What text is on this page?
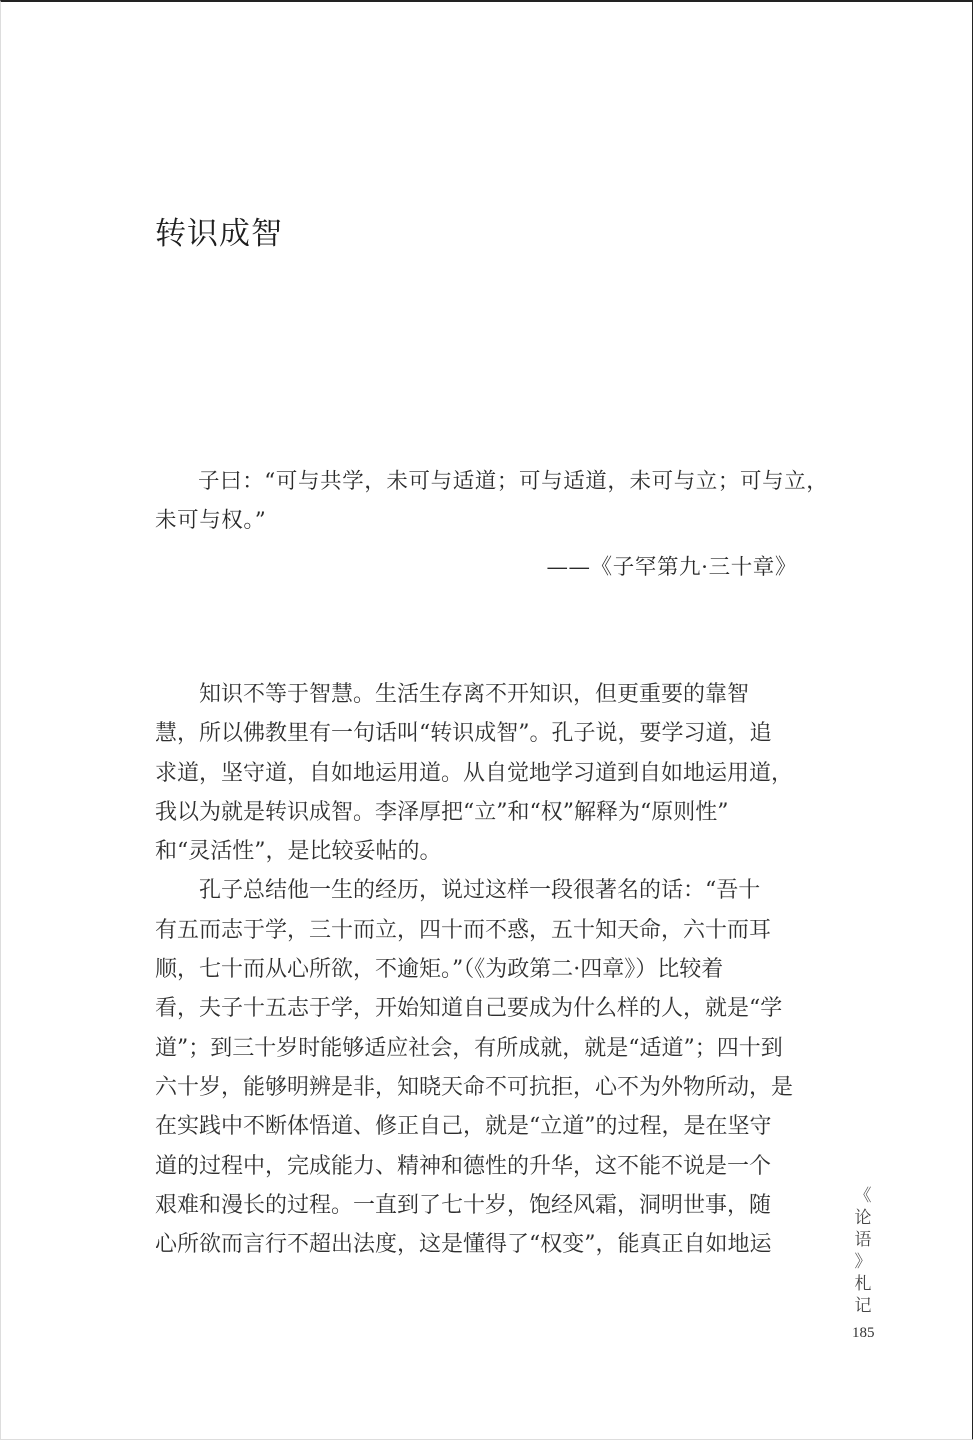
转识成智
子曰：“可与共学，未可与适道；可与适道，未可与立；可与立，
未可与权。”
——《子罕第九·三十章》
知识不等于智慧。生活生存离不开知识，但更重要的靠智
慧，所以佛教里有一句话叫“转识成智”。孔子说，要学习道，追
求道，坚守道，自如地运用道。从自觉地学习道到自如地运用道，
我以为就是转识成智。李泽厚把“立”和“权”解释为“原则性”
和“灵活性”，是比较妥帖的。
孔子总结他一生的经历，说过这样一段很著名的话：“吾十
有五而志于学，三十而立，四十而不惑，五十知天命，六十而耳
顺，七十而从心所欲，不逾矩。”（《为政第二·四章》）比较着
看，夫子十五志于学，开始知道自己要成为什么样的人，就是“学
道”；到三十岁时能够适应社会，有所成就，就是“适道”；四十到
六十岁，能够明辨是非，知晓天命不可抗拒，心不为外物所动，是
在实践中不断体悟道、修正自己，就是“立道”的过程，是在坚守
道的过程中，完成能力、精神和德性的升华，这不能不说是一个
艰难和漫长的过程。一直到了七十岁，饱经风霜，洞明世事，随
心所欲而言行不超出法度，这是懂得了“权变”，能真正自如地运
《
论
语
》
札
记
185
